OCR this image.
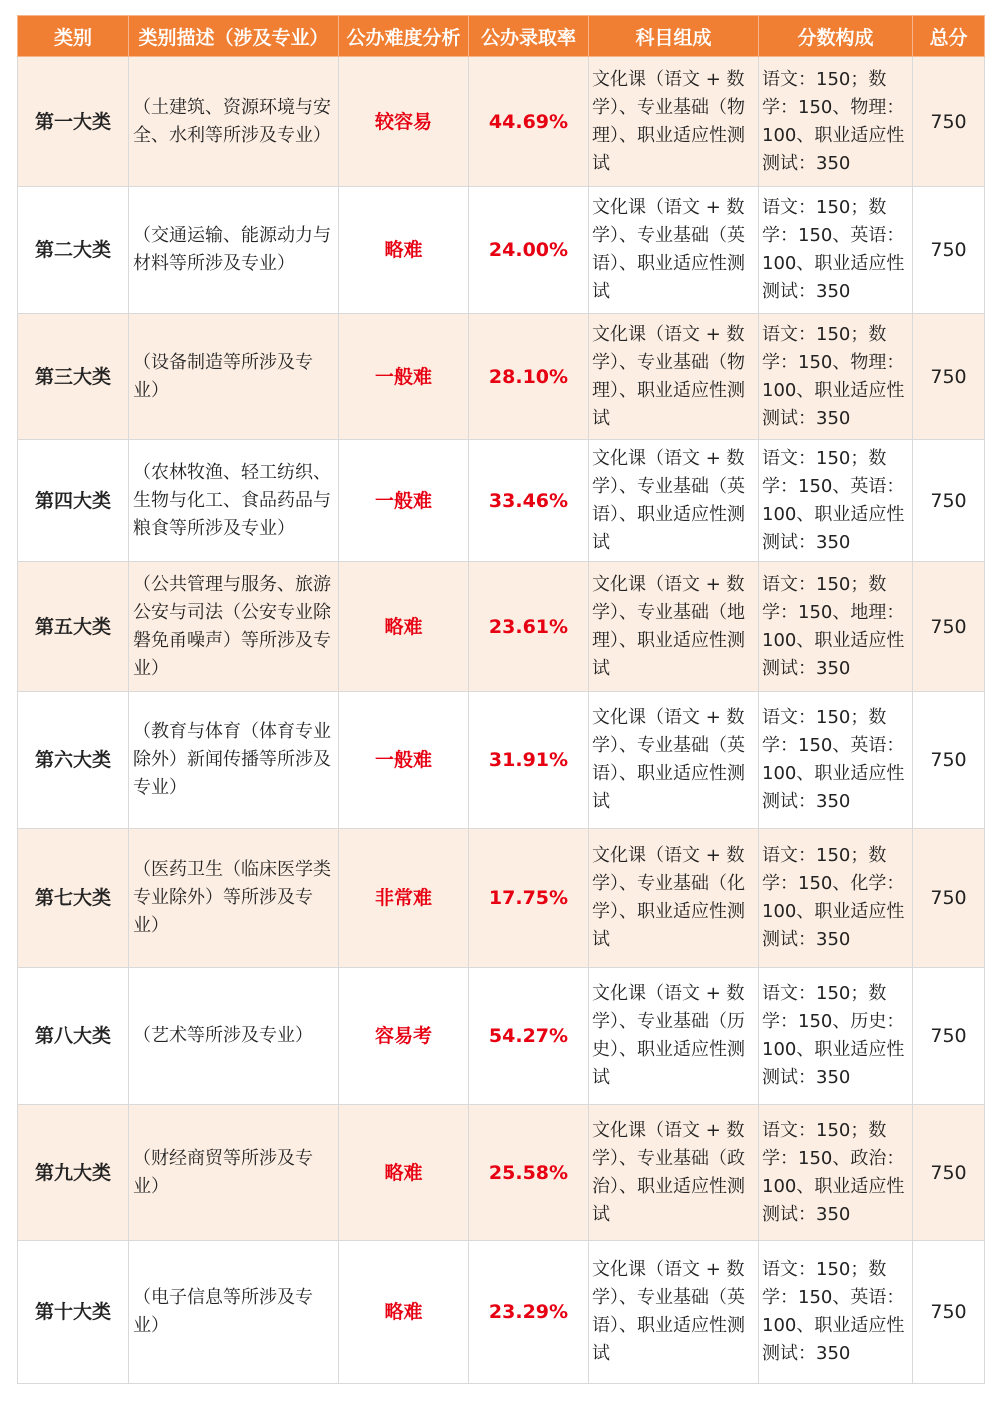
类别	类别描述（涉及专业）	公办难度分析	公办录取率	科目组成	分数构成	总分
第一大类	（土建筑、资源环境与安全、水利等所涉及专业）	较容易	44.69%	文化课（语文 + 数学）、专业基础（物理）、职业适应性测试	语文：150；数学：150、物理：100、职业适应性测试：350	750
第二大类	（交通运输、能源动力与材料等所涉及专业）	略难	24.00%	文化课（语文 + 数学）、专业基础（英语）、职业适应性测试	语文：150；数学：150、英语：100、职业适应性测试：350	750
第三大类	（设备制造等所涉及专业）	一般难	28.10%	文化课（语文 + 数学）、专业基础（物理）、职业适应性测试	语文：150；数学：150、物理：100、职业适应性测试：350	750
第四大类	（农林牧渔、轻工纺织、生物与化工、食品药品与粮食等所涉及专业）	一般难	33.46%	文化课（语文 + 数学）、专业基础（英语）、职业适应性测试	语文：150；数学：150、英语：100、职业适应性测试：350	750
第五大类	（公共管理与服务、旅游公安与司法（公安专业除磐免甬噪声）等所涉及专业）	略难	23.61%	文化课（语文 + 数学）、专业基础（地理）、职业适应性测试	语文：150；数学：150、地理：100、职业适应性测试：350	750
第六大类	（教育与体育（体育专业除外）新闻传播等所涉及专业）	一般难	31.91%	文化课（语文 + 数学）、专业基础（英语）、职业适应性测试	语文：150；数学：150、英语：100、职业适应性测试：350	750
第七大类	（医药卫生（临床医学类专业除外）等所涉及专业）	非常难	17.75%	文化课（语文 + 数学）、专业基础（化学）、职业适应性测试	语文：150；数学：150、化学：100、职业适应性测试：350	750
第八大类	（艺术等所涉及专业）	容易考	54.27%	文化课（语文 + 数学）、专业基础（历史）、职业适应性测试	语文：150；数学：150、历史：100、职业适应性测试：350	750
第九大类	（财经商贸等所涉及专业）	略难	25.58%	文化课（语文 + 数学）、专业基础（政治）、职业适应性测试	语文：150；数学：150、政治：100、职业适应性测试：350	750
第十大类	（电子信息等所涉及专业）	略难	23.29%	文化课（语文 + 数学）、专业基础（英语）、职业适应性测试	语文：150；数学：150、英语：100、职业适应性测试：350	750
